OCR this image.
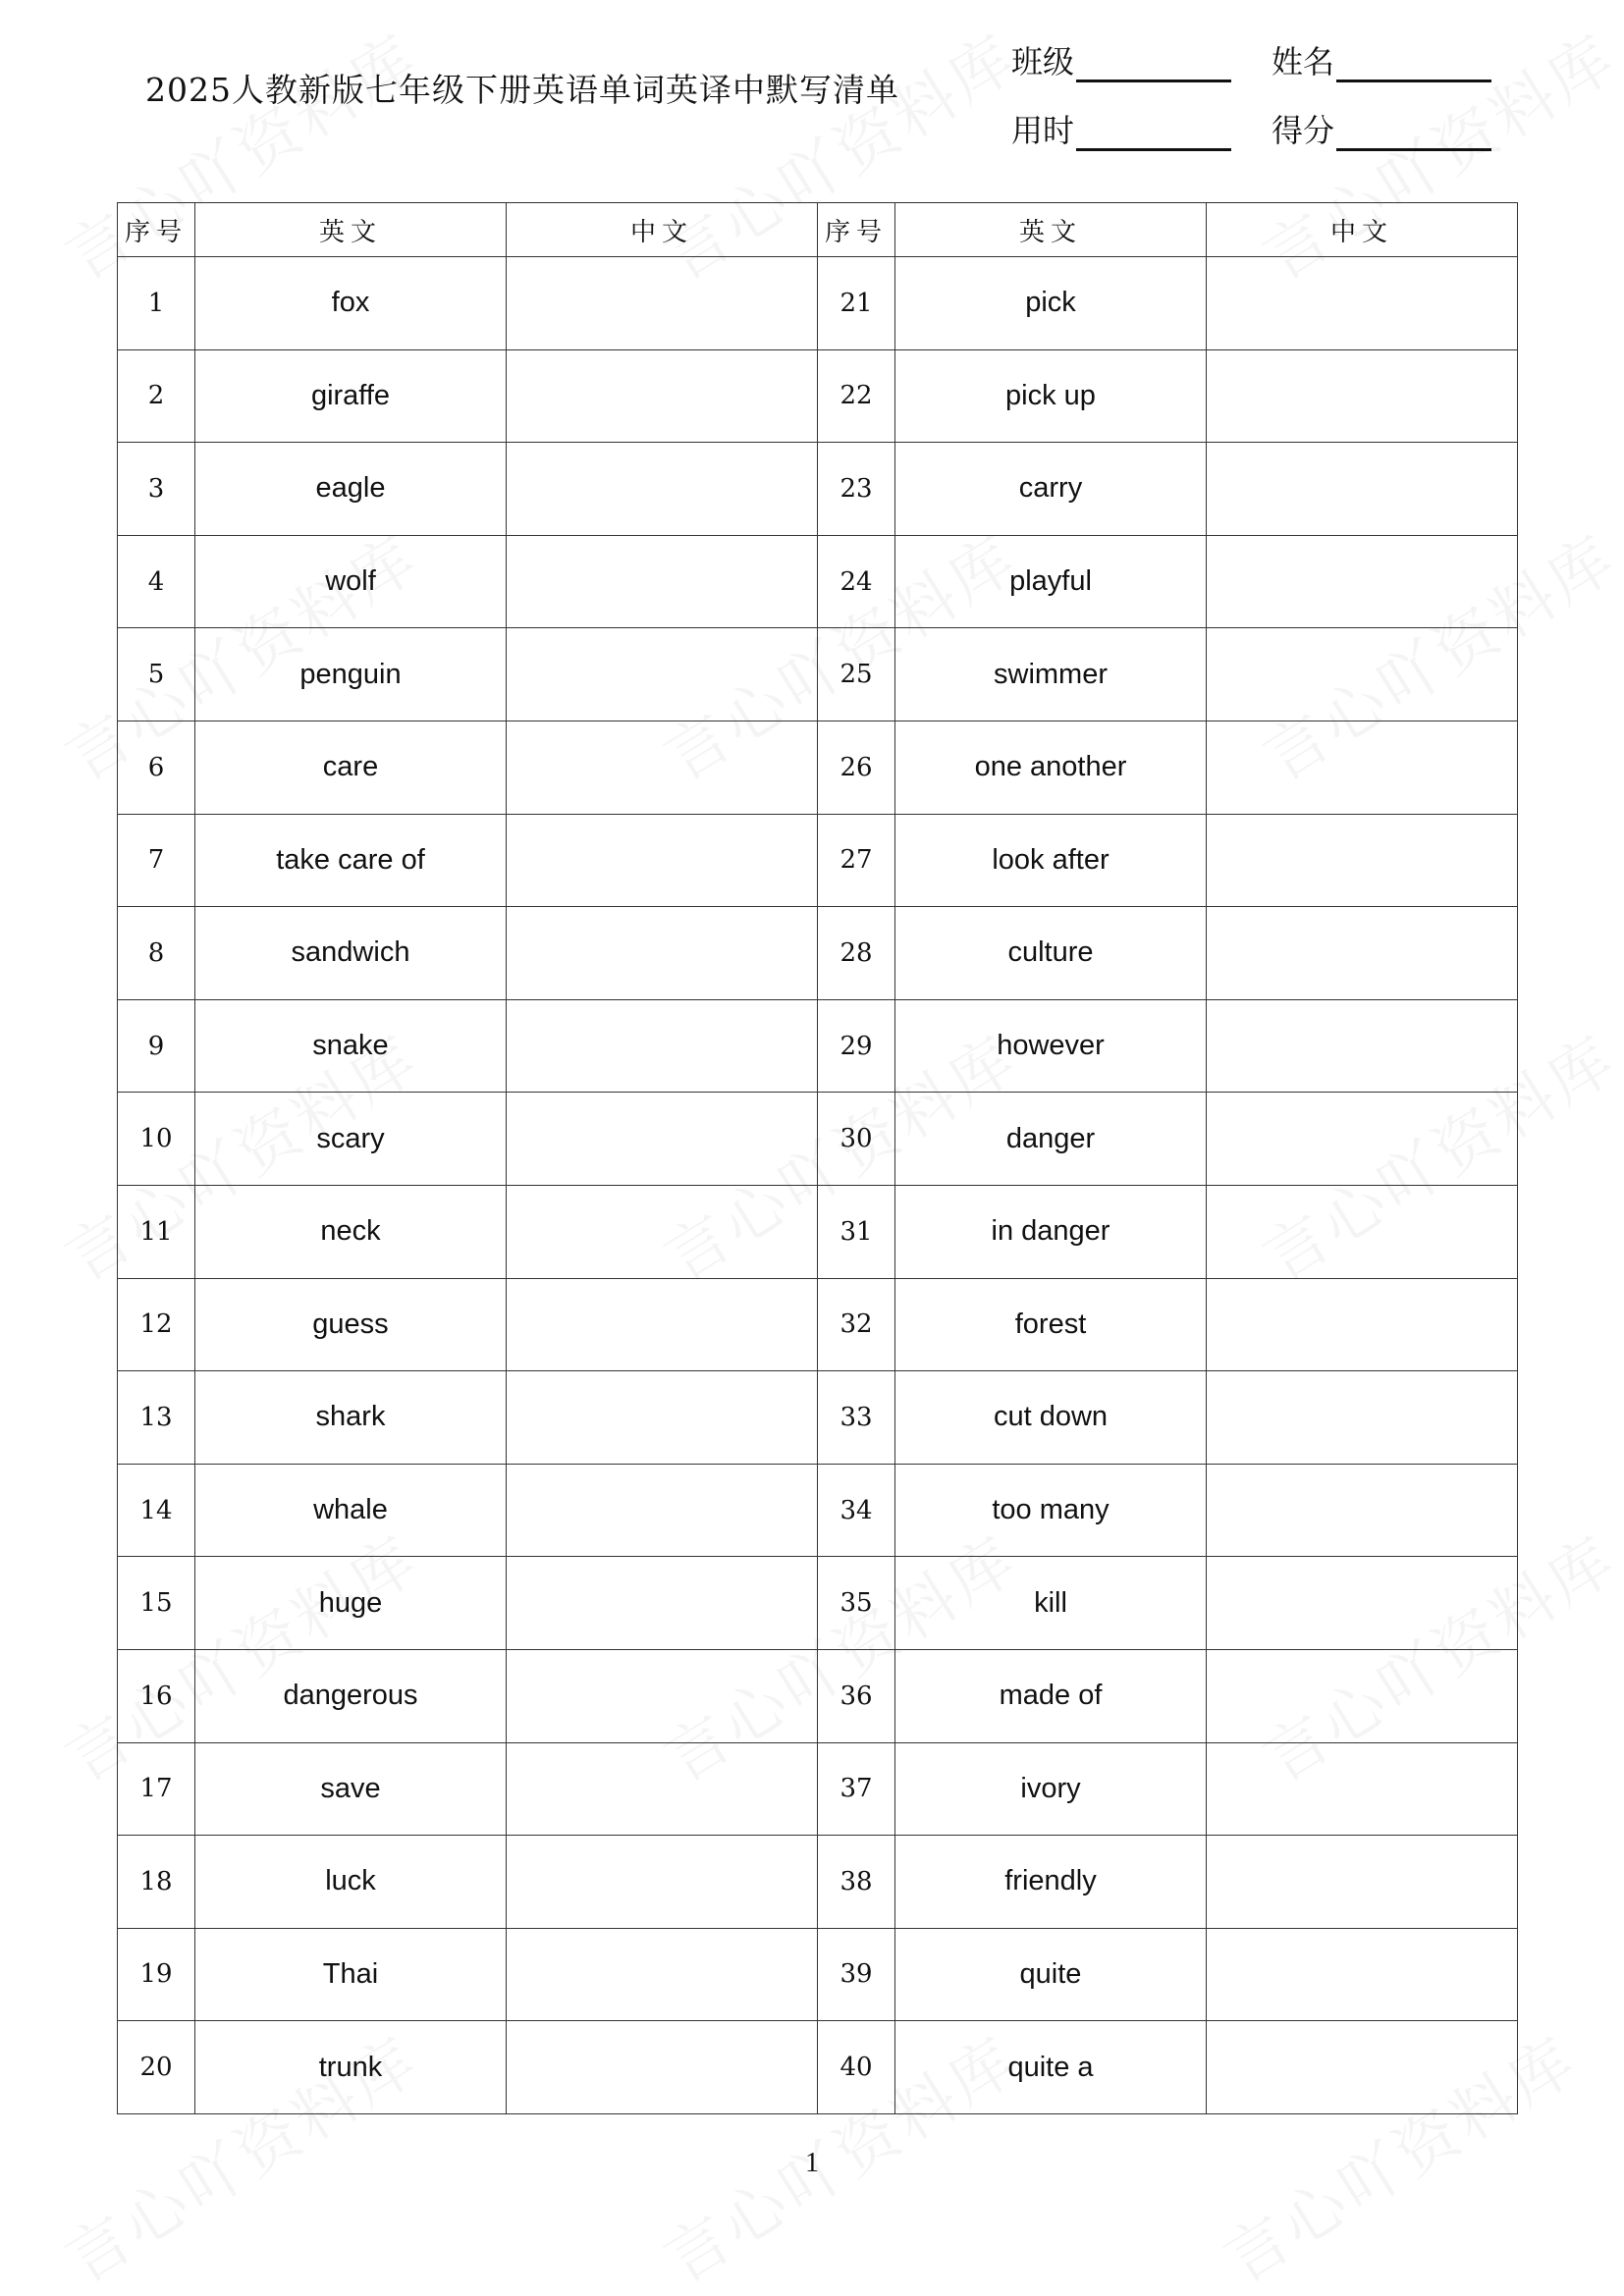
2025人教新版七年级下册英语单词英译中默写清单
班级	姓名
用时	得分
序号	英文	中文	序号	英文	中文
1	fox		21	pick	
2	giraffe		22	pick up	
3	eagle		23	carry	
4	wolf		24	playful	
5	penguin		25	swimmer	
6	care		26	one another	
7	take care of		27	look after	
8	sandwich		28	culture	
9	snake		29	however	
10	scary		30	danger	
11	neck		31	in danger	
12	guess		32	forest	
13	shark		33	cut down	
14	whale		34	too many	
15	huge		35	kill	
16	dangerous		36	made of	
17	save		37	ivory	
18	luck		38	friendly	
19	Thai		39	quite	
20	trunk		40	quite a	
1
